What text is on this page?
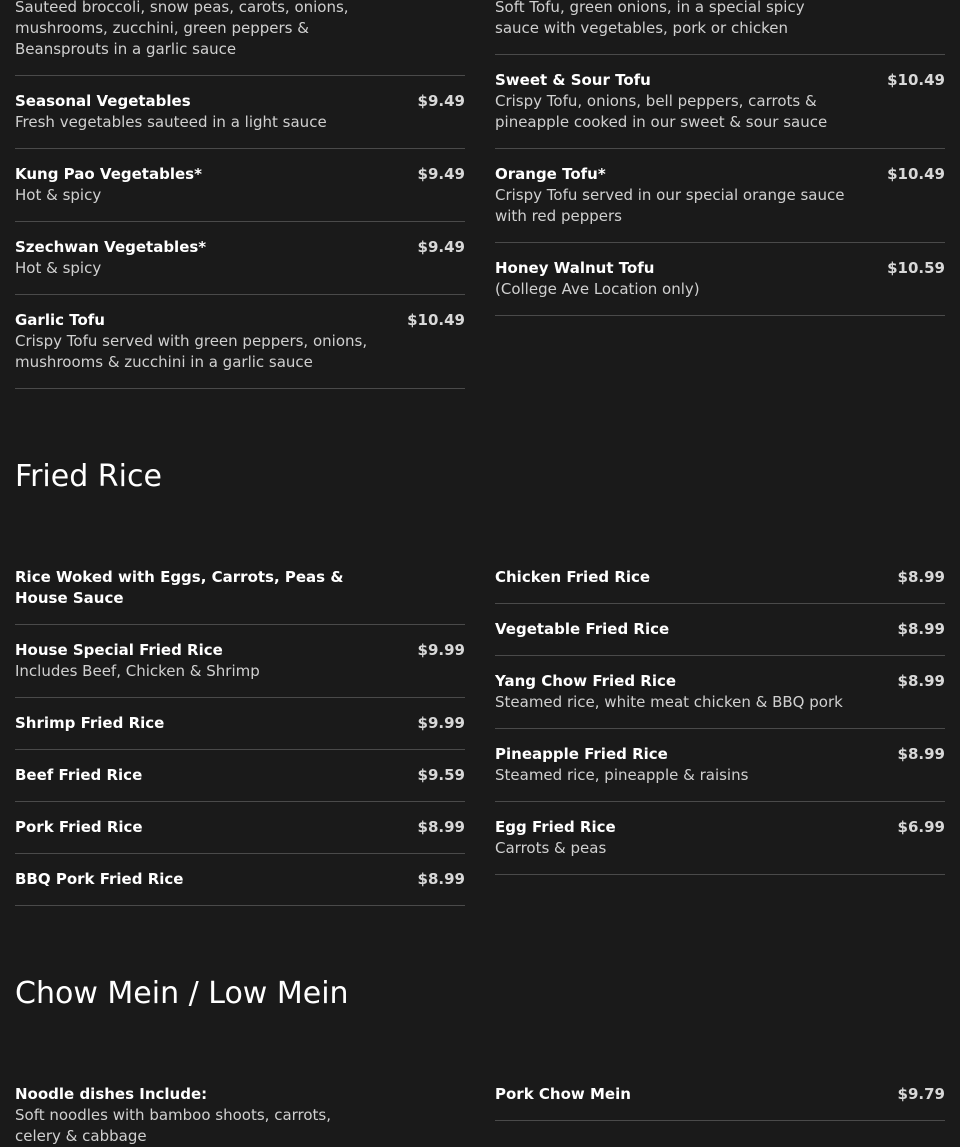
Sauteed broccoli, snow peas, carots, onions, mushrooms, zucchini, green peppers & Beansprouts in a garlic sauce
Seasonal Vegetables	$9.49
Fresh vegetables sauteed in a light sauce
Kung Pao Vegetables*	$9.49
Hot & spicy
Szechwan Vegetables*	$9.49
Hot & spicy
Garlic Tofu	$10.49
Crispy Tofu served with green peppers, onions, mushrooms & zucchini in a garlic sauce
Soft Tofu, green onions, in a special spicy sauce with vegetables, pork or chicken
Sweet & Sour Tofu	$10.49
Crispy Tofu, onions, bell peppers, carrots & pineapple cooked in our sweet & sour sauce
Orange Tofu*	$10.49
Crispy Tofu served in our special orange sauce with red peppers
Honey Walnut Tofu	$10.59
(College Ave Location only)
Fried Rice
Rice Woked with Eggs, Carrots, Peas & House Sauce
House Special Fried Rice	$9.99
Includes Beef, Chicken & Shrimp
Shrimp Fried Rice	$9.99
Beef Fried Rice	$9.59
Pork Fried Rice	$8.99
BBQ Pork Fried Rice	$8.99
Chicken Fried Rice	$8.99
Vegetable Fried Rice	$8.99
Yang Chow Fried Rice	$8.99
Steamed rice, white meat chicken & BBQ pork
Pineapple Fried Rice	$8.99
Steamed rice, pineapple & raisins
Egg Fried Rice	$6.99
Carrots & peas
Chow Mein / Low Mein
Noodle dishes Include:
Soft noodles with bamboo shoots, carrots, celery & cabbage
Pork Chow Mein	$9.79
